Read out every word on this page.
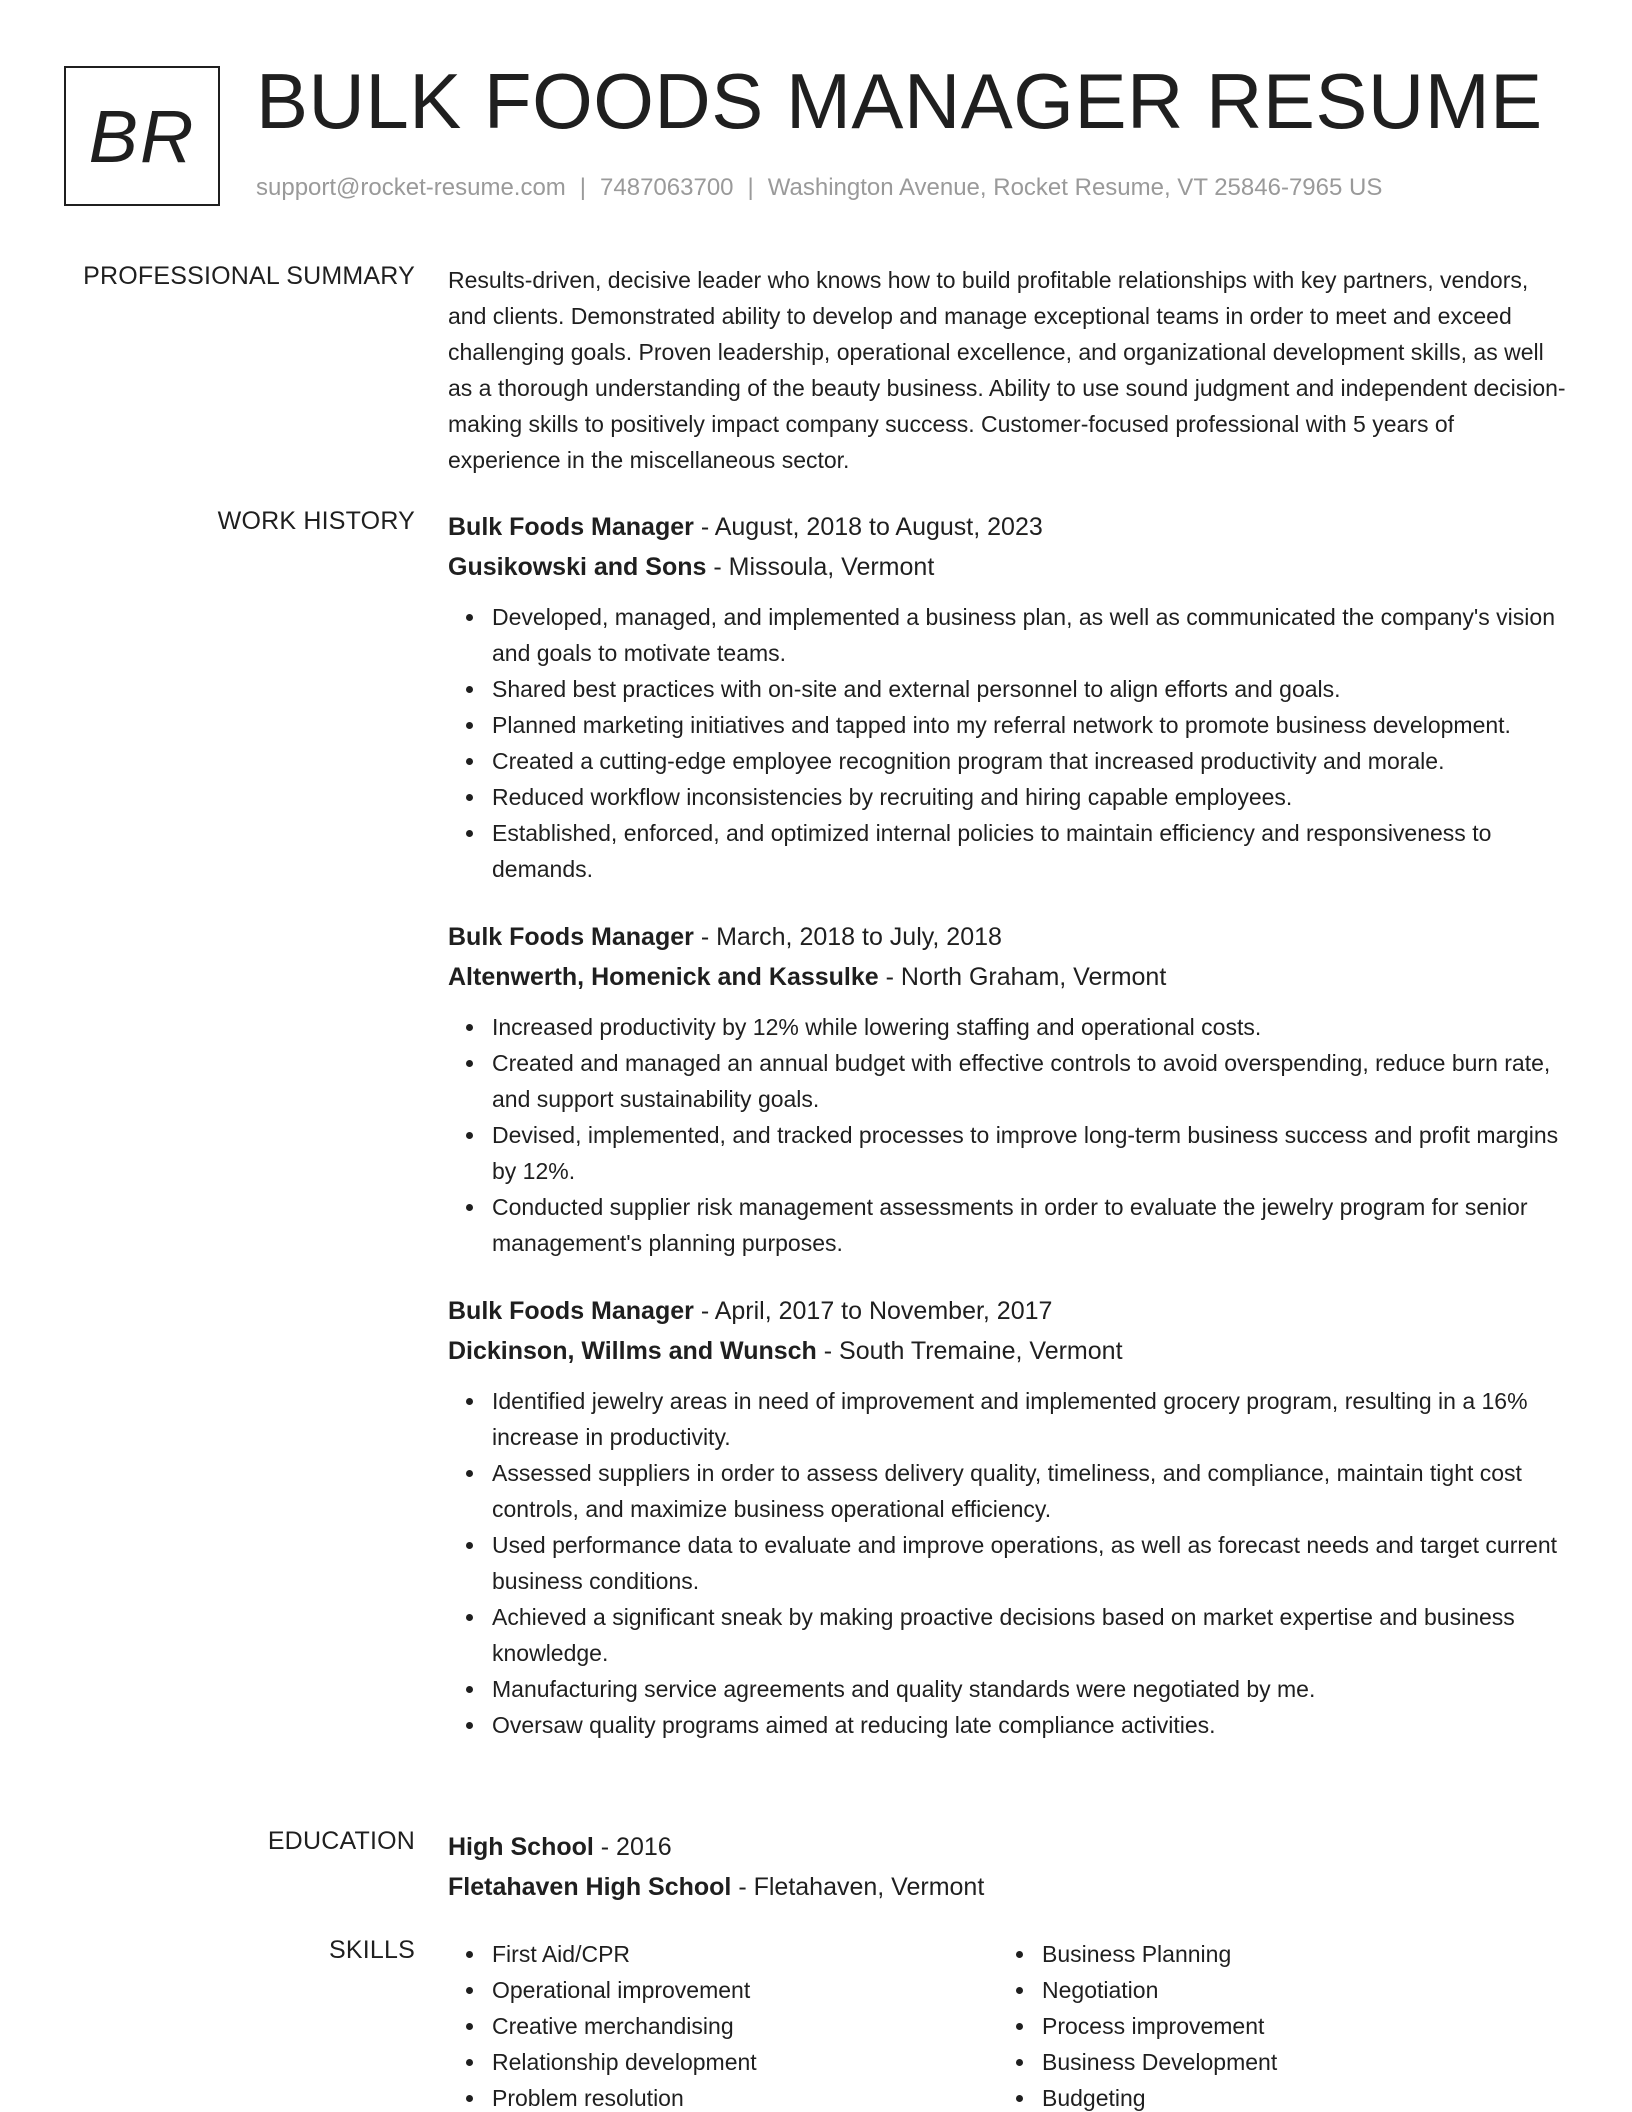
BR BULK FOODS MANAGER RESUME
support@rocket-resume.com | 7487063700 | Washington Avenue, Rocket Resume, VT 25846-7965 US
PROFESSIONAL SUMMARY Results-driven, decisive leader who knows how to build profitable relationships with key partners, vendors, and clients. Demonstrated ability to develop and manage exceptional teams in order to meet and exceed challenging goals. Proven leadership, operational excellence, and organizational development skills, as well as a thorough understanding of the beauty business. Ability to use sound judgment and independent decision-making skills to positively impact company success. Customer-focused professional with 5 years of experience in the miscellaneous sector.

WORK HISTORY Bulk Foods Manager - August, 2018 to August, 2023

Gusikowski and Sons - Missoula, Vermont

Developed, managed, and implemented a business plan, as well as communicated the company's vision and goals to motivate teams.
Shared best practices with on-site and external personnel to align efforts and goals.
Planned marketing initiatives and tapped into my referral network to promote business development.
Created a cutting-edge employee recognition program that increased productivity and morale.
Reduced workflow inconsistencies by recruiting and hiring capable employees.
Established, enforced, and optimized internal policies to maintain efficiency and responsiveness to demands.

Bulk Foods Manager - March, 2018 to July, 2018

Altenwerth, Homenick and Kassulke - North Graham, Vermont

Increased productivity by 12% while lowering staffing and operational costs.
Created and managed an annual budget with effective controls to avoid overspending, reduce burn rate, and support sustainability goals.
Devised, implemented, and tracked processes to improve long-term business success and profit margins by 12%.
Conducted supplier risk management assessments in order to evaluate the jewelry program for senior management's planning purposes.

Bulk Foods Manager - April, 2017 to November, 2017

Dickinson, Willms and Wunsch - South Tremaine, Vermont

Identified jewelry areas in need of improvement and implemented grocery program, resulting in a 16% increase in productivity.
Assessed suppliers in order to assess delivery quality, timeliness, and compliance, maintain tight cost controls, and maximize business operational efficiency.
Used performance data to evaluate and improve operations, as well as forecast needs and target current business conditions.
Achieved a significant sneak by making proactive decisions based on market expertise and business knowledge.
Manufacturing service agreements and quality standards were negotiated by me.
Oversaw quality programs aimed at reducing late compliance activities.
EDUCATION High School - 2016

Fletahaven High School - Fletahaven, Vermont

SKILLS	First Aid/CPR
Operational improvement
Creative merchandising
Relationship development
Problem resolution
Business Planning
Negotiation
Process improvement
Business Development
Budgeting
